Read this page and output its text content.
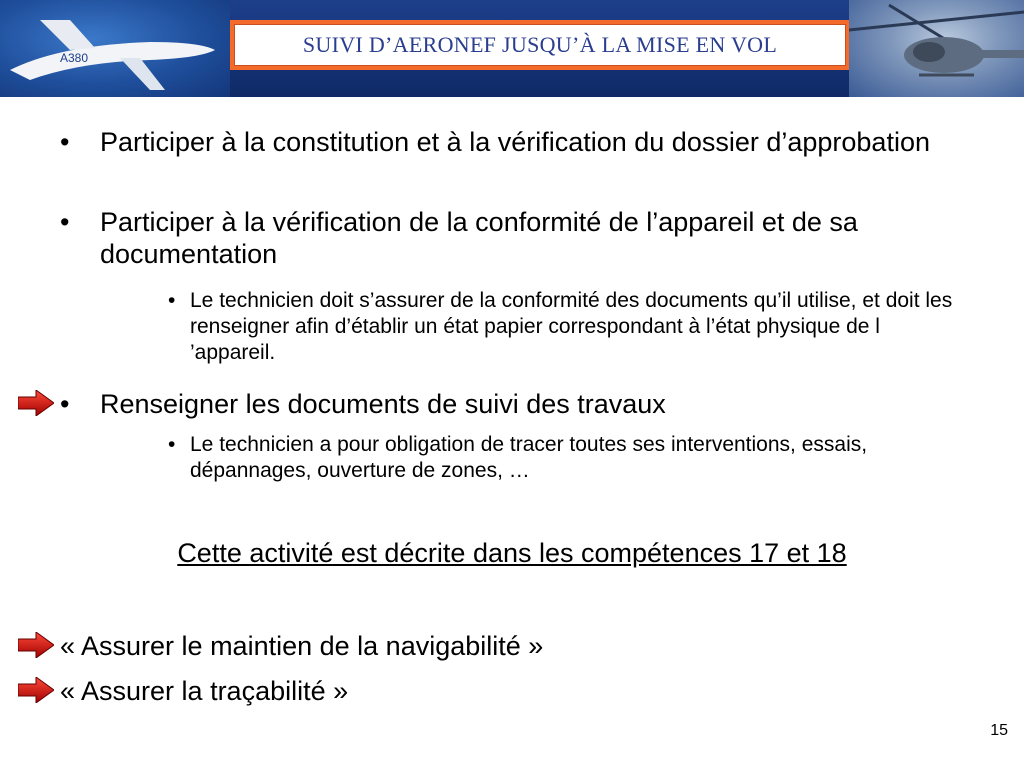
A380
SUIVI D’AERONEF JUSQU’À LA MISE EN VOL
• Participer à la constitution et à la vérification du dossier d’approbation
• Participer à la vérification de la conformité de l’appareil et de sa documentation
• Le technicien doit s’assurer de la conformité des documents qu’il utilise, et doit les renseigner afin d’établir un état papier correspondant à l’état physique de l ’appareil.
• Renseigner les documents de suivi des travaux
• Le technicien a pour obligation de tracer toutes ses interventions, essais, dépannages, ouverture de zones, …
Cette activité est décrite dans les compétences 17 et 18
« Assurer le maintien de la navigabilité »
« Assurer la traçabilité »
15
